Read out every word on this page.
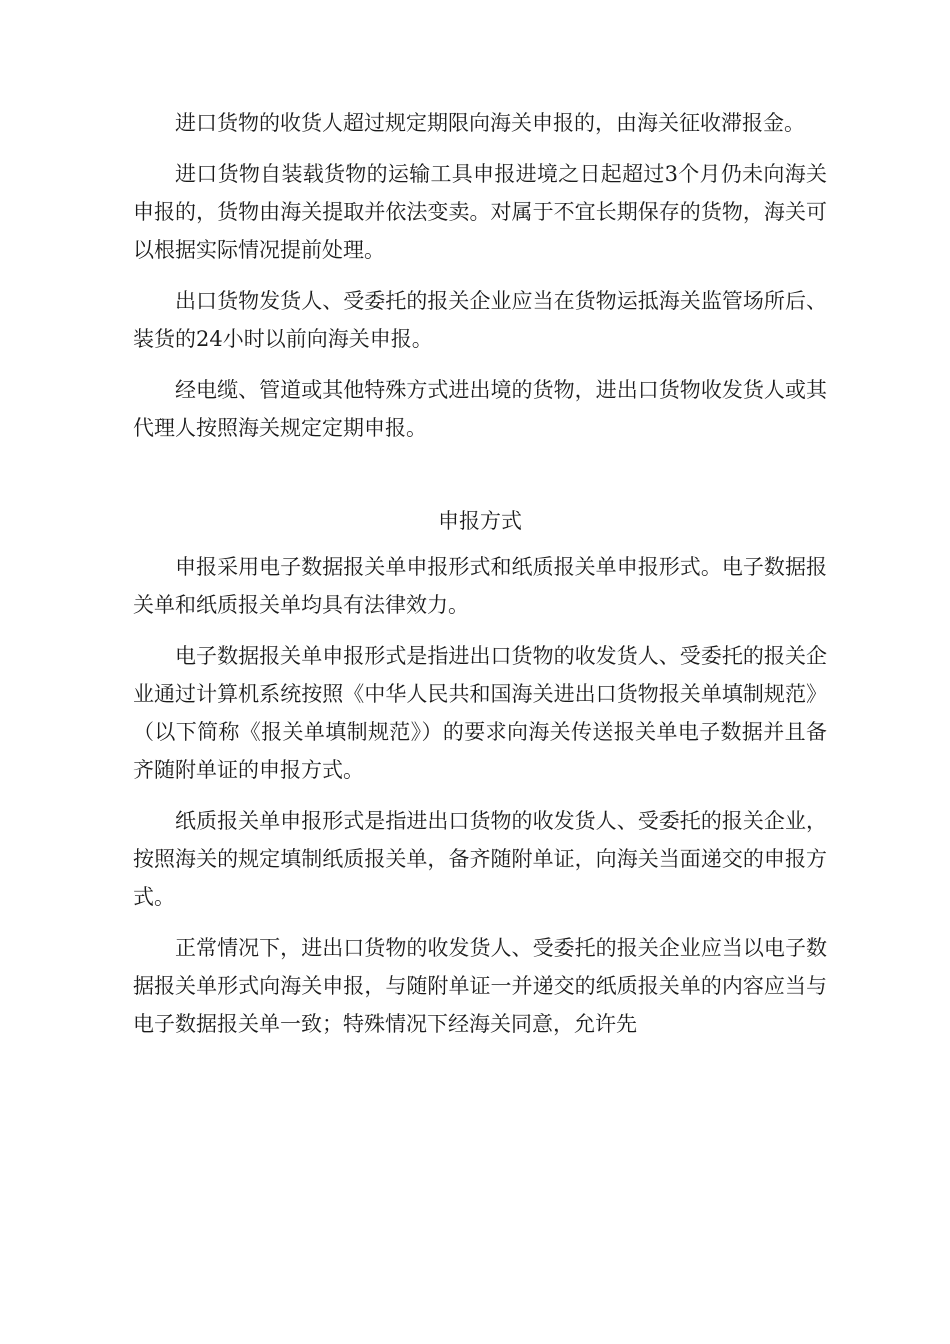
进口货物的收货人超过规定期限向海关申报的，由海关征收滞报金。

进口货物自装载货物的运输工具申报进境之日起超过3个月仍未向海关申报的，货物由海关提取并依法变卖。对属于不宜长期保存的货物，海关可以根据实际情况提前处理。

出口货物发货人、受委托的报关企业应当在货物运抵海关监管场所后、装货的24小时以前向海关申报。

经电缆、管道或其他特殊方式进出境的货物，进出口货物收发货人或其代理人按照海关规定定期申报。

申报方式

申报采用电子数据报关单申报形式和纸质报关单申报形式。电子数据报关单和纸质报关单均具有法律效力。

电子数据报关单申报形式是指进出口货物的收发货人、受委托的报关企业通过计算机系统按照《中华人民共和国海关进出口货物报关单填制规范》（以下简称《报关单填制规范》）的要求向海关传送报关单电子数据并且备齐随附单证的申报方式。

纸质报关单申报形式是指进出口货物的收发货人、受委托的报关企业，按照海关的规定填制纸质报关单，备齐随附单证，向海关当面递交的申报方式。

正常情况下，进出口货物的收发货人、受委托的报关企业应当以电子数据报关单形式向海关申报，与随附单证一并递交的纸质报关单的内容应当与电子数据报关单一致；特殊情况下经海关同意，允许先
